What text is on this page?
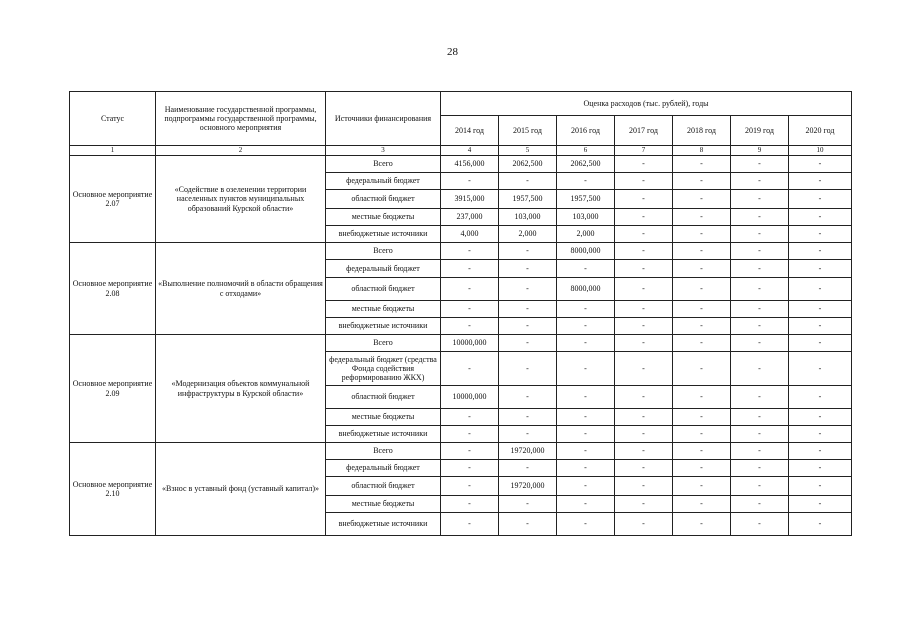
28
Статус	Наименование государственной программы, подпрограммы государственной программы, основного мероприятия	Источники финансирования	Оценка расходов (тыс. рублей), годы						
			2014 год	2015 год	2016 год	2017 год	2018 год	2019 год	2020 год
1	2	3	4	5	6	7	8	9	10
Основное мероприятие 2.07	«Содействие в озеленении территории населенных пунктов муниципальных образований Курской области»	Всего	4156,000	2062,500	2062,500	-	-	-	-
		федеральный бюджет	-	-	-	-	-	-	-
		областной бюджет	3915,000	1957,500	1957,500	-	-	-	-
		местные бюджеты	237,000	103,000	103,000	-	-	-	-
		внебюджетные источники	4,000	2,000	2,000	-	-	-	-
Основное мероприятие 2.08	«Выполнение полномочий в области обращения с отходами»	Всего	-	-	8000,000	-	-	-	-
		федеральный бюджет	-	-	-	-	-	-	-
		областной бюджет	-	-	8000,000	-	-	-	-
		местные бюджеты	-	-	-	-	-	-	-
		внебюджетные источники	-	-	-	-	-	-	-
Основное мероприятие 2.09	«Модернизация объектов коммунальной инфраструктуры в Курской области»	Всего	10000,000	-	-	-	-	-	-
		федеральный бюджет (средства Фонда содействия реформированию ЖКХ)	-	-	-	-	-	-	-
		областной бюджет	10000,000	-	-	-	-	-	-
		местные бюджеты	-	-	-	-	-	-	-
		внебюджетные источники	-	-	-	-	-	-	-
Основное мероприятие 2.10	«Взнос в уставный фонд (уставный капитал)»	Всего	-	19720,000	-	-	-	-	-
		федеральный бюджет	-	-	-	-	-	-	-
		областной бюджет	-	19720,000	-	-	-	-	-
		местные бюджеты	-	-	-	-	-	-	-
		внебюджетные источники	-	-	-	-	-	-	-
